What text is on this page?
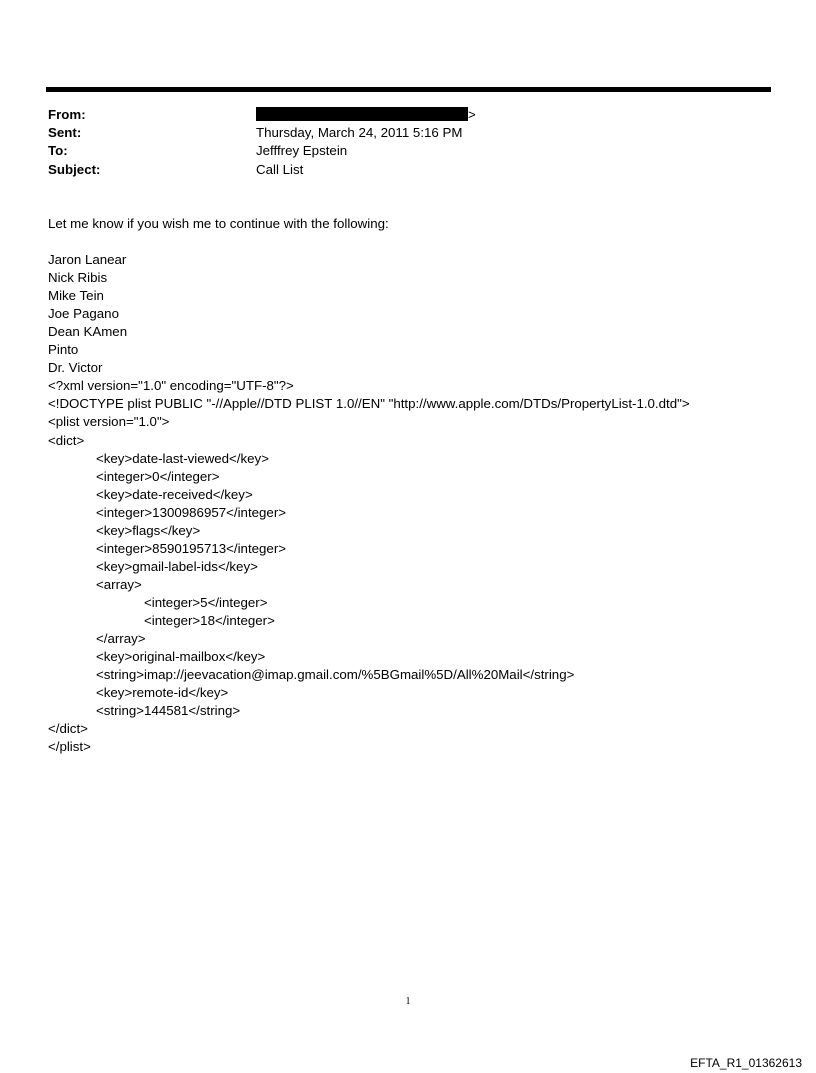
From:	>
Sent:	Thursday, March 24, 2011 5:16 PM
To:	Jefffrey Epstein
Subject:	Call List
Let me know if you wish me to continue with the following:
Jaron Lanear
Nick Ribis
Mike Tein
Joe Pagano
Dean KAmen
Pinto
Dr. Victor
<?xml version="1.0" encoding="UTF-8"?>
<!DOCTYPE plist PUBLIC "-//Apple//DTD PLIST 1.0//EN" "http://www.apple.com/DTDs/PropertyList-1.0.dtd">
<plist version="1.0">
<dict>
<key>date-last-viewed</key>
<integer>0</integer>
<key>date-received</key>
<integer>1300986957</integer>
<key>flags</key>
<integer>8590195713</integer>
<key>gmail-label-ids</key>
<array>
<integer>5</integer>
<integer>18</integer>
</array>
<key>original-mailbox</key>
<string>imap://jeevacation@imap.gmail.com/%5BGmail%5D/All%20Mail</string>
<key>remote-id</key>
<string>144581</string>
</dict>
</plist>
1
EFTA_R1_01362613
